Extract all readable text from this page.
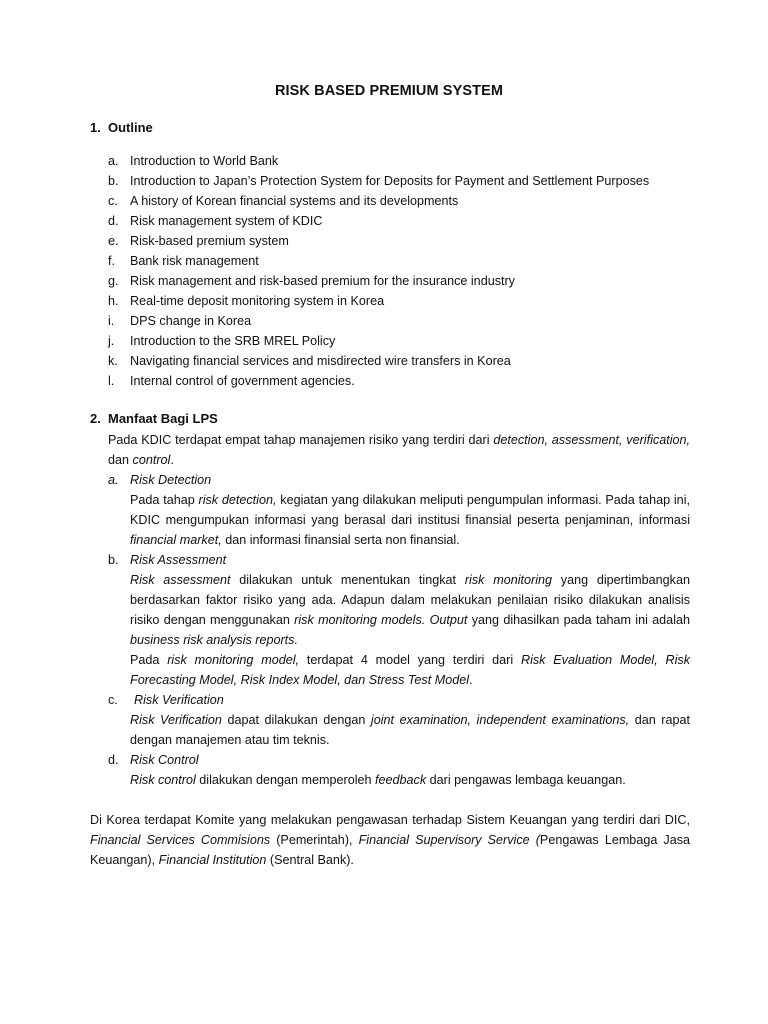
RISK BASED PREMIUM SYSTEM
1. Outline
a. Introduction to World Bank
b. Introduction to Japan’s Protection System for Deposits for Payment and Settlement Purposes
c. A history of Korean financial systems and its developments
d. Risk management system of KDIC
e. Risk-based premium system
f. Bank risk management
g. Risk management and risk-based premium for the insurance industry
h. Real-time deposit monitoring system in Korea
i. DPS change in Korea
j. Introduction to the SRB MREL Policy
k. Navigating financial services and misdirected wire transfers in Korea
l. Internal control of government agencies.
2. Manfaat Bagi LPS

Pada KDIC terdapat empat tahap manajemen risiko yang terdiri dari detection, assessment, verification, dan control.

a. Risk Detection

Pada tahap risk detection, kegiatan yang dilakukan meliputi pengumpulan informasi. Pada tahap ini, KDIC mengumpukan informasi yang berasal dari institusi finansial peserta penjaminan, informasi financial market, dan informasi finansial serta non finansial.

b. Risk Assessment

Risk assessment dilakukan untuk menentukan tingkat risk monitoring yang dipertimbangkan berdasarkan faktor risiko yang ada. Adapun dalam melakukan penilaian risiko dilakukan analisis risiko dengan menggunakan risk monitoring models. Output yang dihasilkan pada taham ini adalah business risk analysis reports.

Pada risk monitoring model, terdapat 4 model yang terdiri dari Risk Evaluation Model, Risk Forecasting Model, Risk Index Model, dan Stress Test Model.

c. Risk Verification

Risk Verification dapat dilakukan dengan joint examination, independent examinations, dan rapat dengan manajemen atau tim teknis.

d. Risk Control

Risk control dilakukan dengan memperoleh feedback dari pengawas lembaga keuangan.

Di Korea terdapat Komite yang melakukan pengawasan terhadap Sistem Keuangan yang terdiri dari DIC, Financial Services Commisions (Pemerintah), Financial Supervisory Service (Pengawas Lembaga Jasa Keuangan), Financial Institution (Sentral Bank).
